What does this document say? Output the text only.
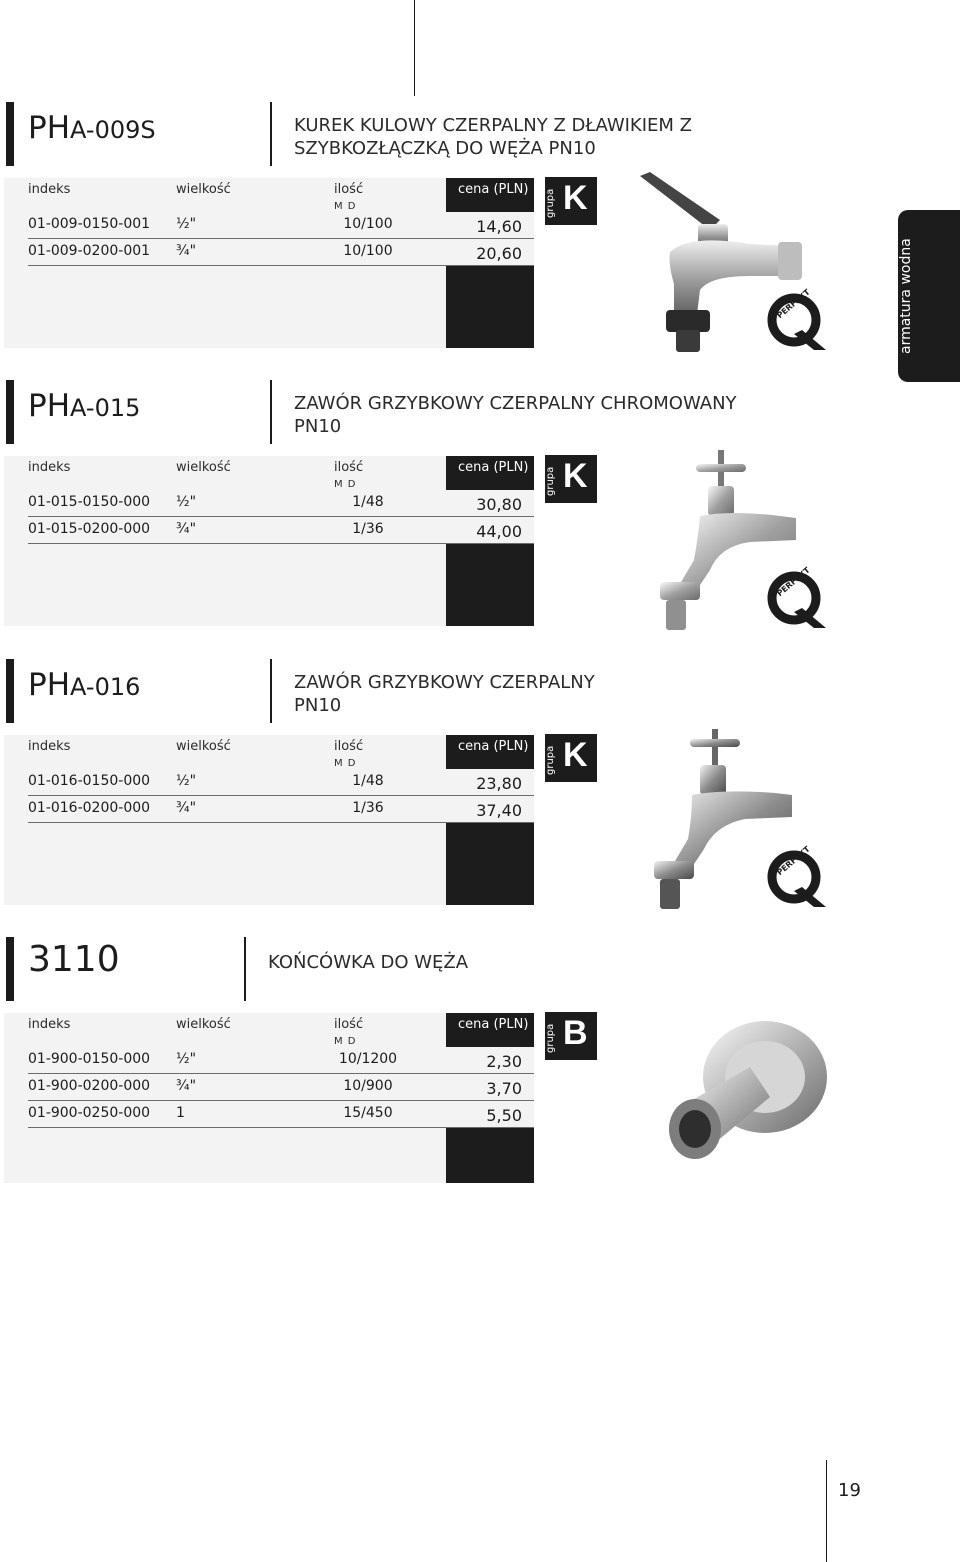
PHA-009S	KUREK KULOWY CZERPALNY Z DŁAWIKIEM Z SZYBKOZŁĄCZKĄ DO WĘŻA PN10
indeks	wielkość	ilość
M D
cena (PLN)
01-009-0150-001 ½"	10/100	14,60
01-009-0200-001 ¾"	10/100	20,60
grupa K
PERFEKT
PHA-015	ZAWÓR GRZYBKOWY CZERPALNY CHROMOWANY PN10
indeks	wielkość	ilość
M D
cena (PLN)
01-015-0150-000 ½"	1/48	30,80
01-015-0200-000 ¾"	1/36	44,00
grupa K
PERFEKT
PHA-016	ZAWÓR GRZYBKOWY CZERPALNY PN10
indeks	wielkość	ilość
M D
cena (PLN)
01-016-0150-000 ½"	1/48	23,80
01-016-0200-000 ¾"	1/36	37,40
grupa K
PERFEKT
3110	KOŃCÓWKA DO WĘŻA
indeks	wielkość	ilość
M D
cena (PLN)
01-900-0150-000 ½"	10/1200	2,30
01-900-0200-000 ¾"	10/900	3,70
01-900-0250-000 1	15/450	5,50
grupa B
armatura wodna
19
